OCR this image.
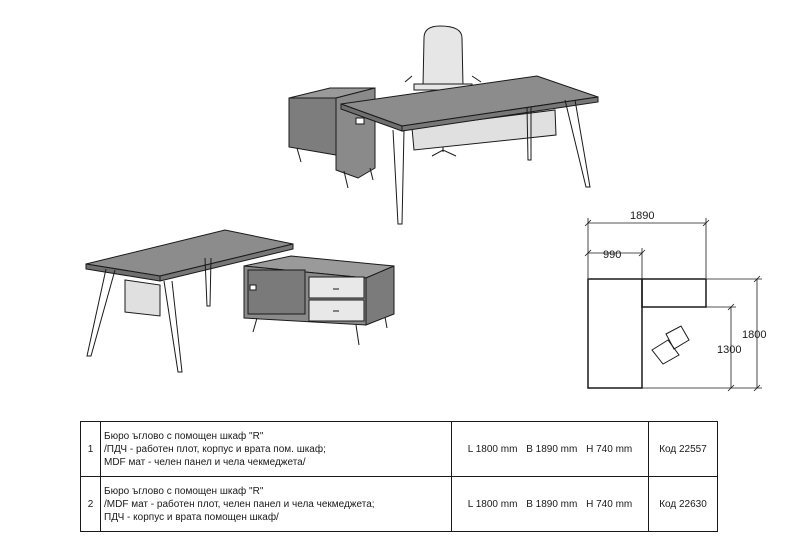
1890
990
1800
1300
1	Бюро ъглово с помощен шкаф "R"
/ПДЧ - работен плот, корпус и врата пом. шкаф;
MDF мат - челен панел и чела чекмеджета/	L 1800 mm B 1890 mm H 740 mm	Код 22557
2	Бюро ъглово с помощен шкаф "R"
/MDF мат - работен плот, челен панел и чела чекмеджета;
ПДЧ - корпус и врата помощен шкаф/	L 1800 mm B 1890 mm H 740 mm	Код 22630
